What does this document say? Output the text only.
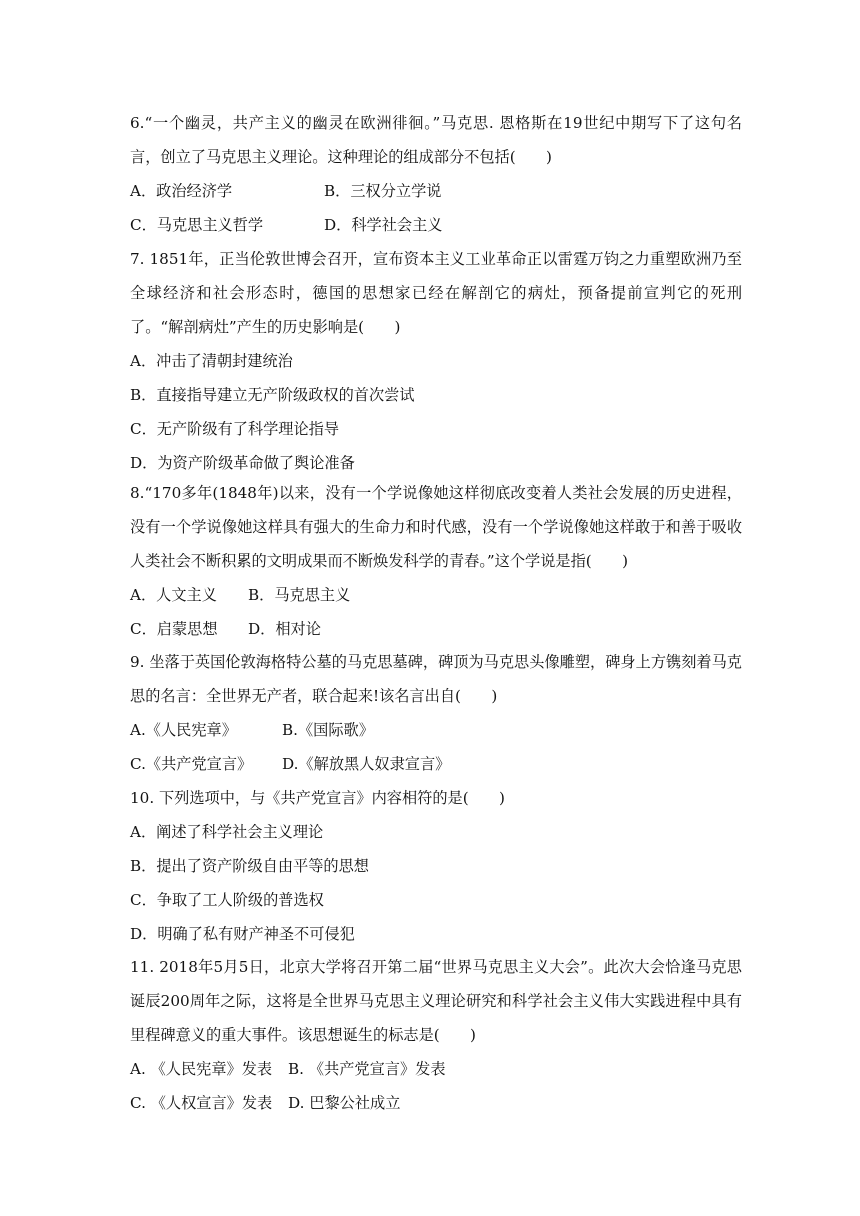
6.“一个幽灵，共产主义的幽灵在欧洲徘徊。”马克思. 恩格斯在19世纪中期写下了这句名言，创立了马克思主义理论。这种理论的组成部分不包括(　　)
A．政治经济学	B．三权分立学说
C．马克思主义哲学	D．科学社会主义
7. 1851年，正当伦敦世博会召开，宣布资本主义工业革命正以雷霆万钧之力重塑欧洲乃至全球经济和社会形态时，德国的思想家已经在解剖它的病灶，预备提前宣判它的死刑了。“解剖病灶”产生的历史影响是(　　)
A．冲击了清朝封建统治
B．直接指导建立无产阶级政权的首次尝试
C．无产阶级有了科学理论指导
D．为资产阶级革命做了舆论准备
8.“170多年(1848年)以来，没有一个学说像她这样彻底改变着人类社会发展的历史进程，没有一个学说像她这样具有强大的生命力和时代感，没有一个学说像她这样敢于和善于吸收人类社会不断积累的文明成果而不断焕发科学的青春。”这个学说是指(　　)
A．人文主义	B．马克思主义
C．启蒙思想	D．相对论
9. 坐落于英国伦敦海格特公墓的马克思墓碑，碑顶为马克思头像雕塑，碑身上方镌刻着马克思的名言：全世界无产者，联合起来!该名言出自(　　)
A.《人民宪章》	B.《国际歌》
C.《共产党宣言》	D.《解放黑人奴隶宣言》
10. 下列选项中，与《共产党宣言》内容相符的是(　　)
A．阐述了科学社会主义理论
B．提出了资产阶级自由平等的思想
C．争取了工人阶级的普选权
D．明确了私有财产神圣不可侵犯
11. 2018年5月5日，北京大学将召开第二届“世界马克思主义大会”。此次大会恰逢马克思诞辰200周年之际，这将是全世界马克思主义理论研究和科学社会主义伟大实践进程中具有里程碑意义的重大事件。该思想诞生的标志是(　　)
A. 《人民宪章》发表	B. 《共产党宣言》发表
C. 《人权宣言》发表	D. 巴黎公社成立
